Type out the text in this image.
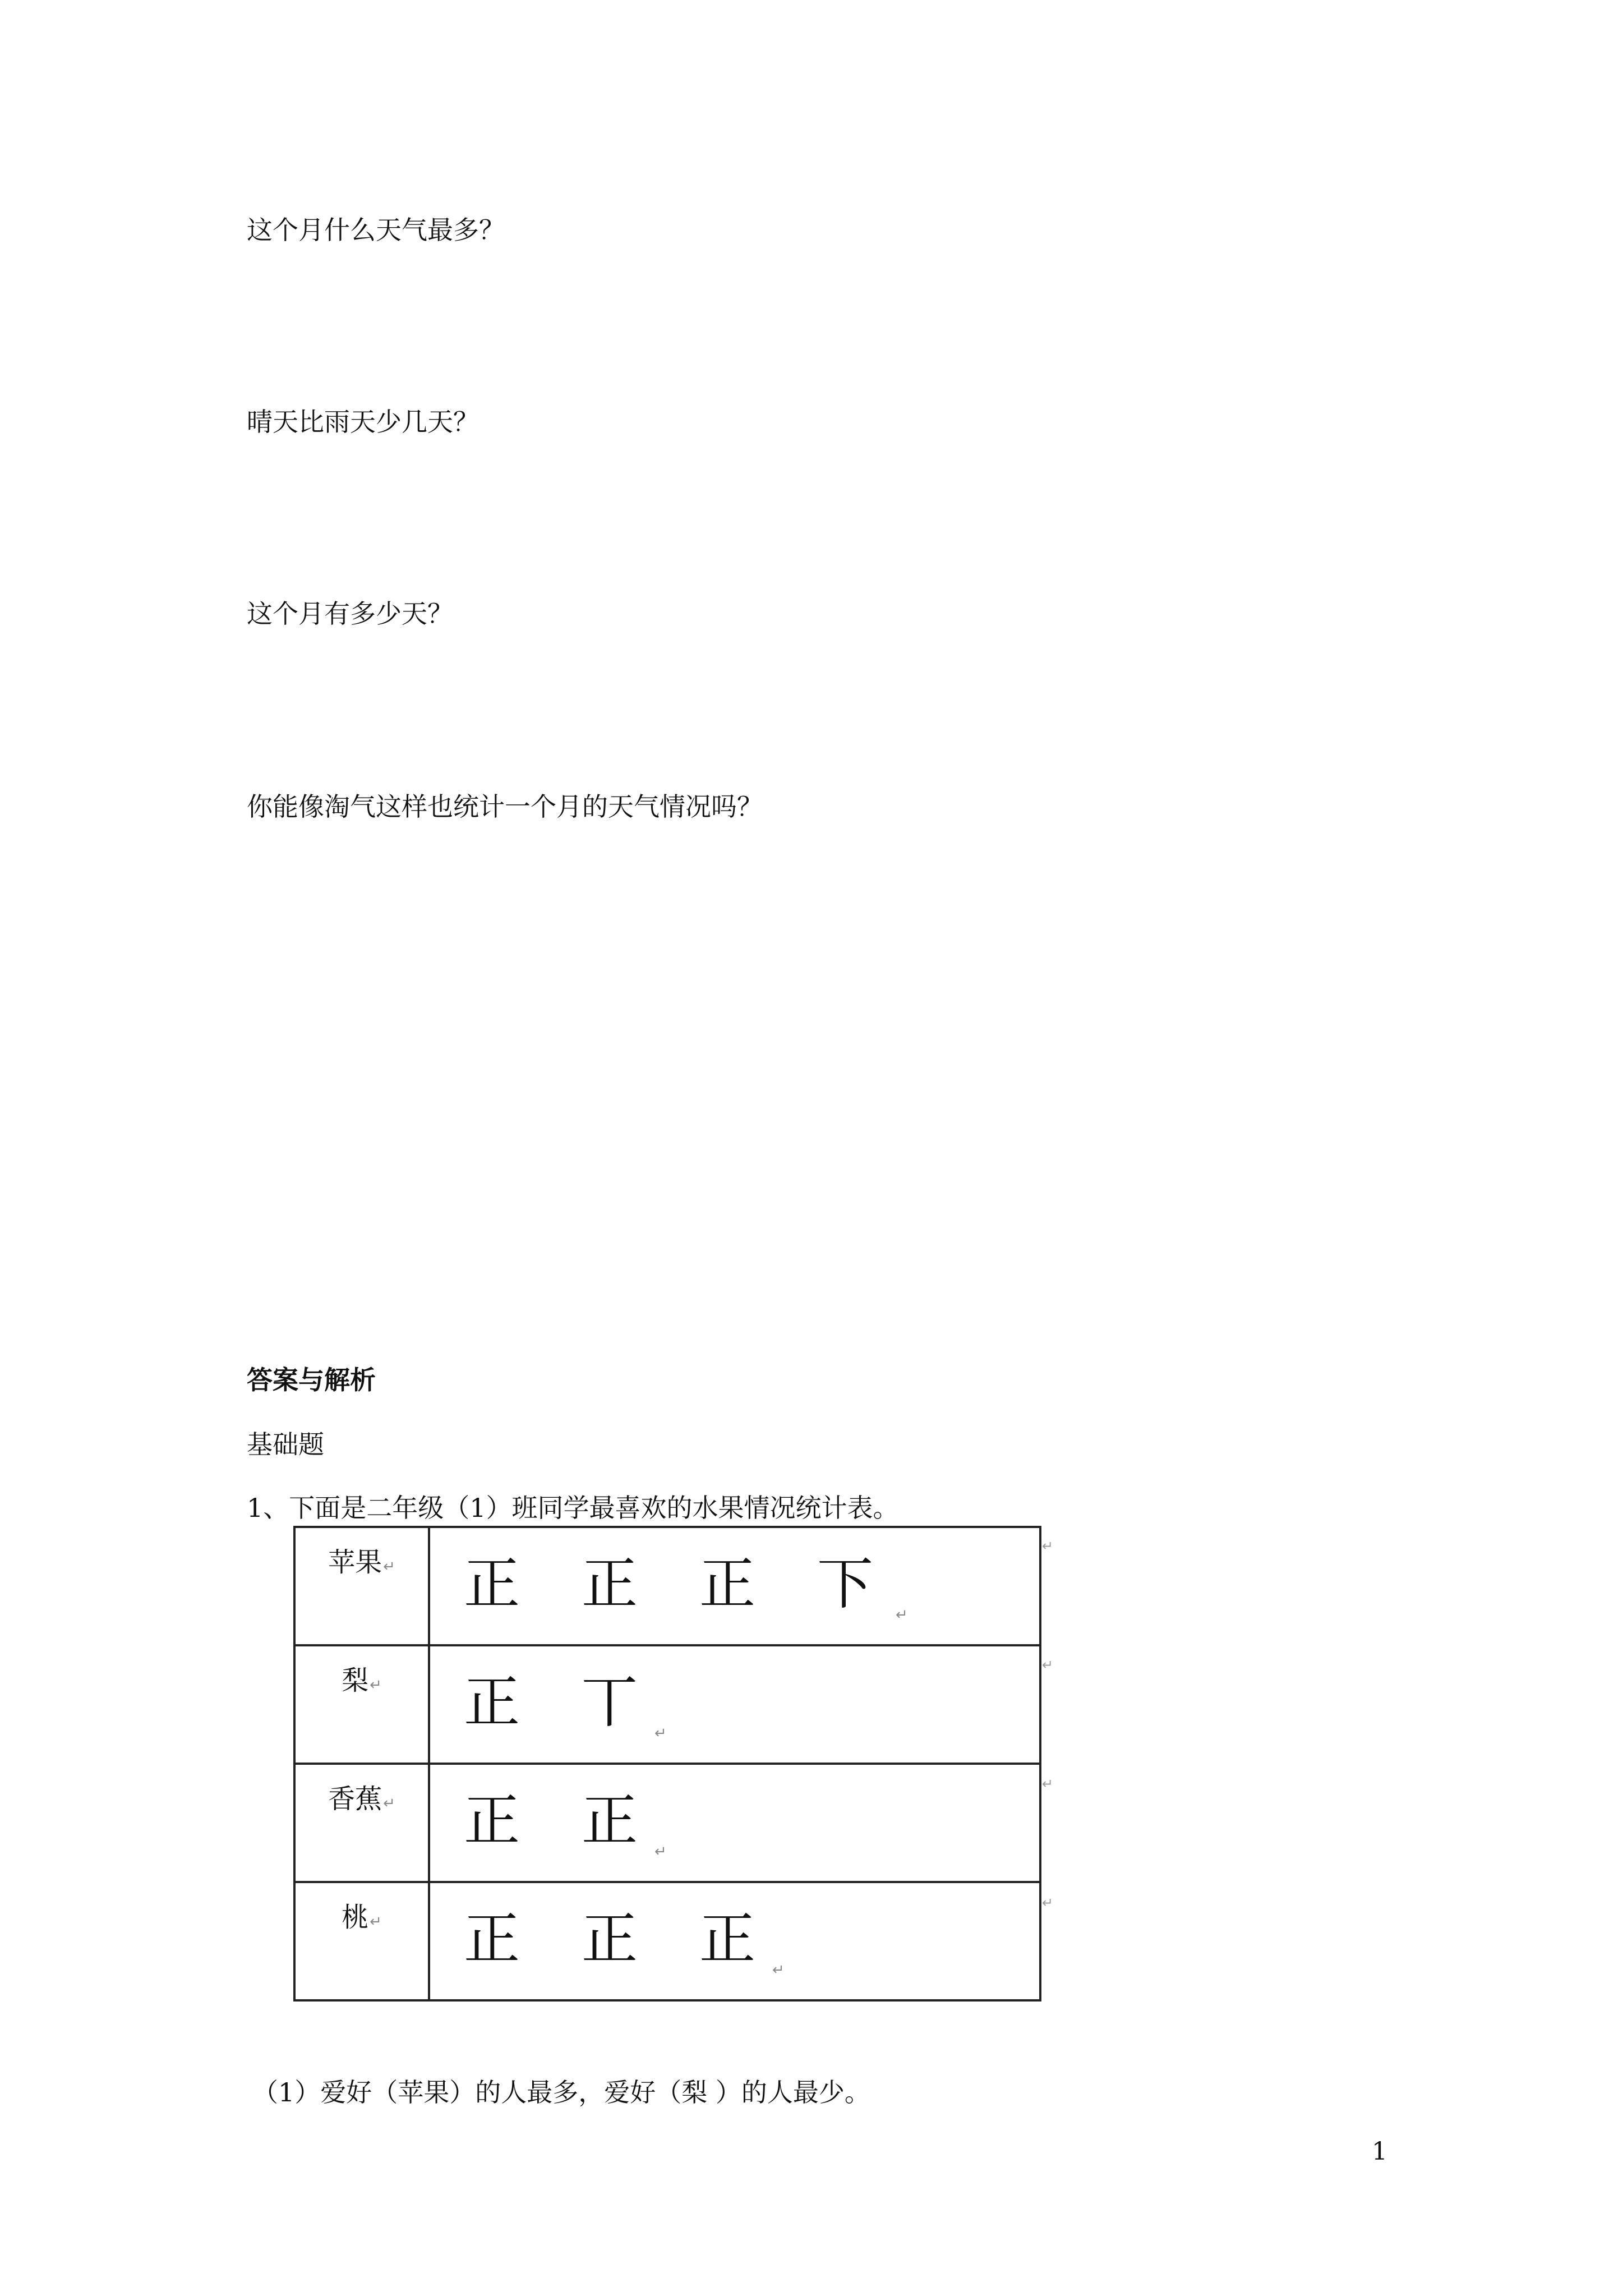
这个月什么天气最多？
晴天比雨天少几天？
这个月有多少天？
你能像淘气这样也统计一个月的天气情况吗？
答案与解析
基础题
1、下面是二年级（1）班同学最喜欢的水果情况统计表。
苹果↵	正 正 正 下 ↵

梨↵	正 丅 ↵

香蕉↵	正 正 ↵

桃↵	正 正 正 ↵
↵
↵
↵
↵
（1）爱好（苹果）的人最多，爱好（梨 ）的人最少。
1
